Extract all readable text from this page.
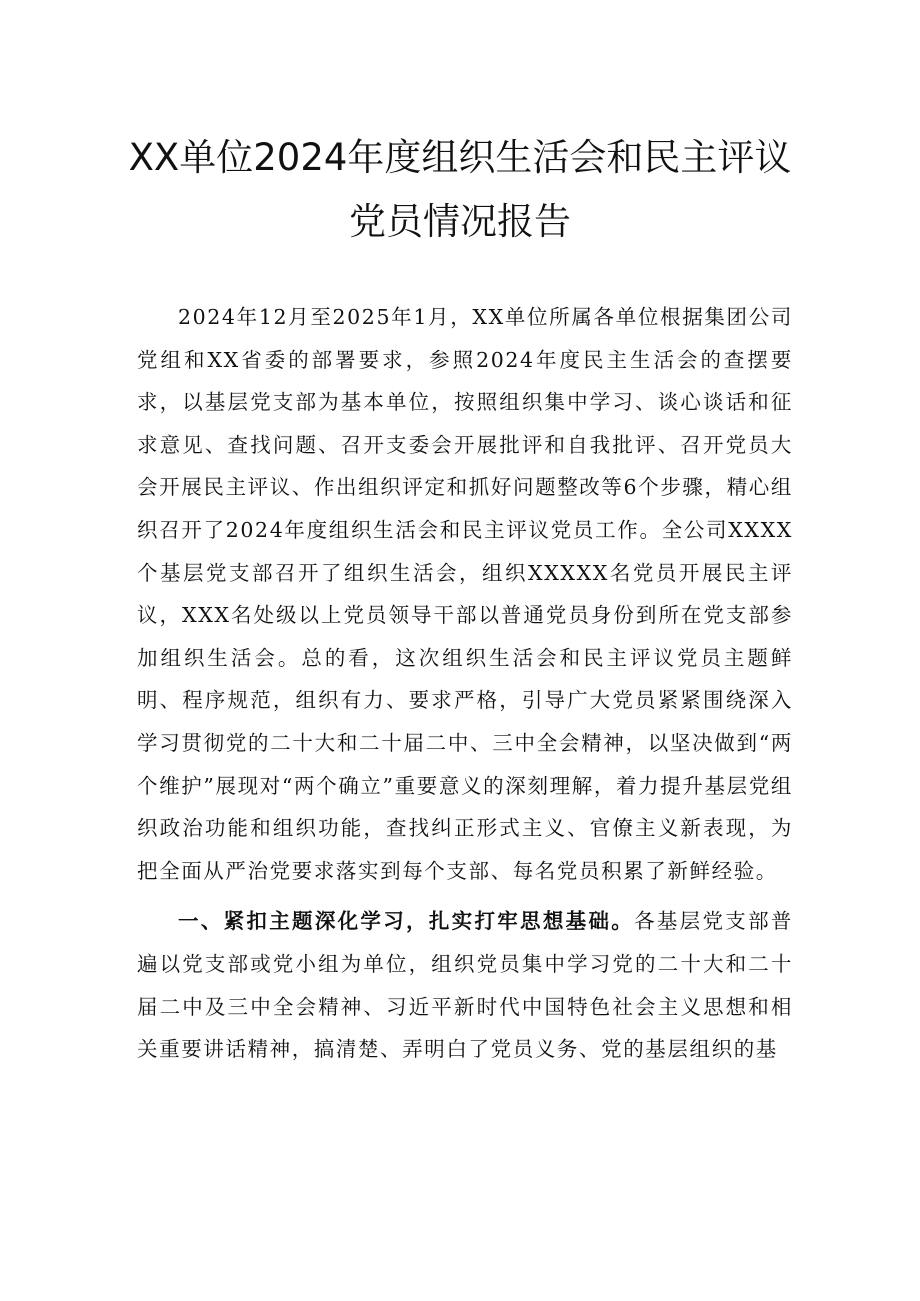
XX单位2024年度组织生活会和民主评议
党员情况报告

2024年12月至2025年1月，XX单位所属各单位根据集团公司党组和XX省委的部署要求，参照2024年度民主生活会的查摆要求，以基层党支部为基本单位，按照组织集中学习、谈心谈话和征求意见、查找问题、召开支委会开展批评和自我批评、召开党员大会开展民主评议、作出组织评定和抓好问题整改等6个步骤，精心组织召开了2024年度组织生活会和民主评议党员工作。全公司XXXX个基层党支部召开了组织生活会，组织XXXXX名党员开展民主评议，XXX名处级以上党员领导干部以普通党员身份到所在党支部参加组织生活会。总的看，这次组织生活会和民主评议党员主题鲜明、程序规范，组织有力、要求严格，引导广大党员紧紧围绕深入学习贯彻党的二十大和二十届二中、三中全会精神，以坚决做到“两个维护”展现对“两个确立”重要意义的深刻理解，着力提升基层党组织政治功能和组织功能，查找纠正形式主义、官僚主义新表现，为把全面从严治党要求落实到每个支部、每名党员积累了新鲜经验。

一、紧扣主题深化学习，扎实打牢思想基础。各基层党支部普遍以党支部或党小组为单位，组织党员集中学习党的二十大和二十届二中及三中全会精神、习近平新时代中国特色社会主义思想和相关重要讲话精神，搞清楚、弄明白了党员义务、党的基层组织的基
